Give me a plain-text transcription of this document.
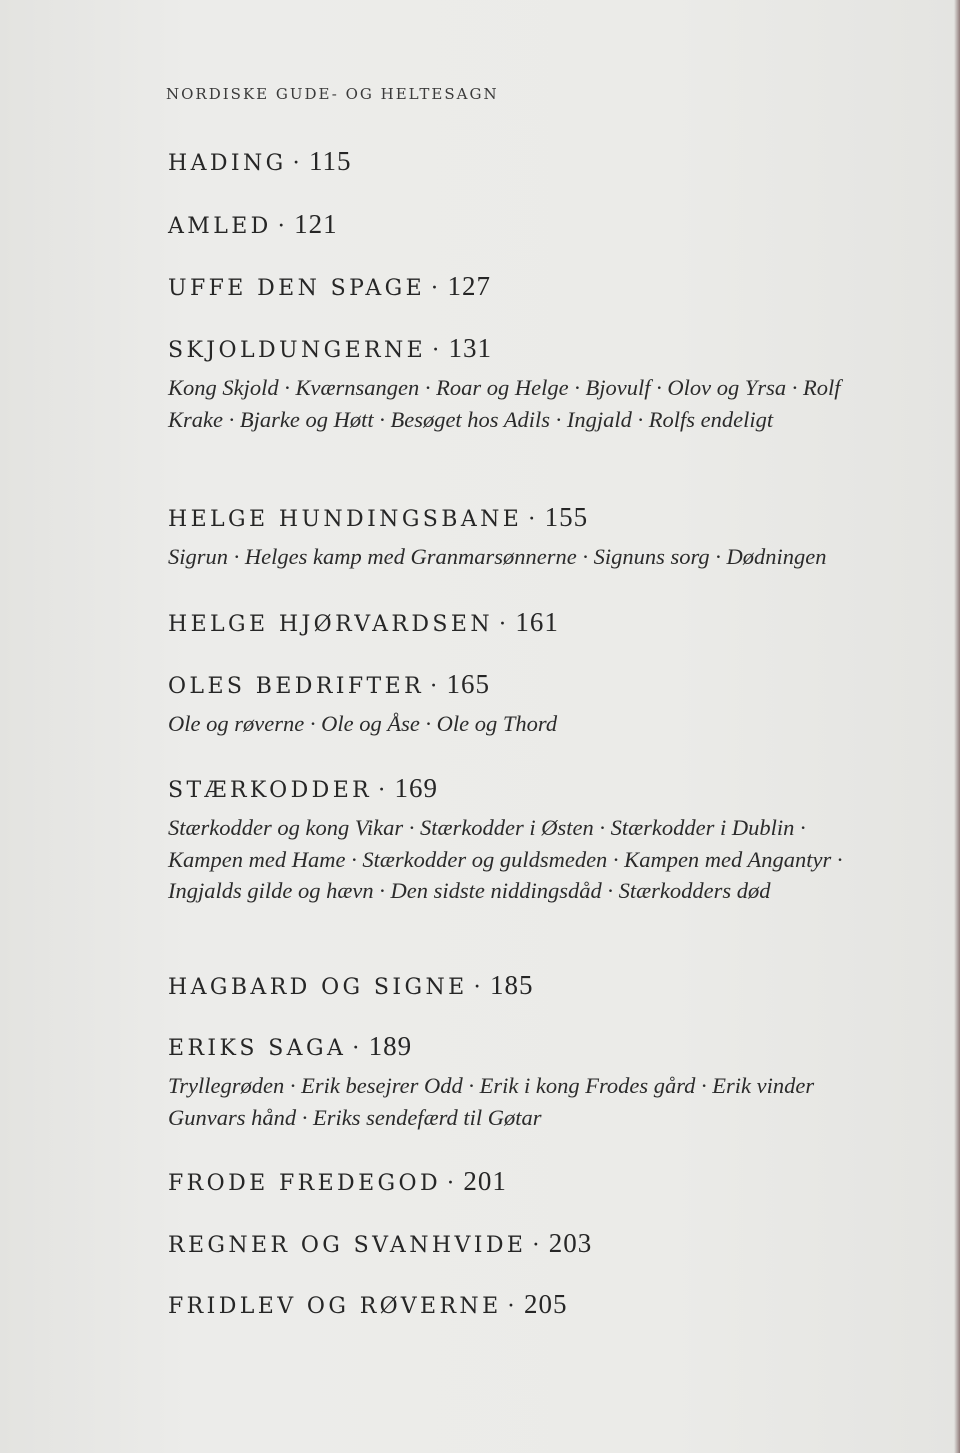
NORDISKE GUDE- OG HELTESAGN
HADING · 115
AMLED · 121
UFFE DEN SPAGE · 127
SKJOLDUNGERNE · 131
Kong Skjold · Kværnsangen · Roar og Helge · Bjovulf · Olov og Yrsa · Rolf Krake · Bjarke og Høtt · Besøget hos Adils · Ingjald · Rolfs endeligt
HELGE HUNDINGSBANE · 155
Sigrun · Helges kamp med Granmarsønnerne · Signuns sorg · Dødningen
HELGE HJØRVARDSEN · 161
OLES BEDRIFTER · 165
Ole og røverne · Ole og Åse · Ole og Thord
STÆRKODDER · 169
Stærkodder og kong Vikar · Stærkodder i Østen · Stærkodder i Dublin · Kampen med Hame · Stærkodder og guldsmeden · Kampen med Angantyr · Ingjalds gilde og hævn · Den sidste niddingsdåd · Stærkodders død
HAGBARD OG SIGNE · 185
ERIKS SAGA · 189
Tryllegrøden · Erik besejrer Odd · Erik i kong Frodes gård · Erik vinder Gunvars hånd · Eriks sendefærd til Gøtar
FRODE FREDEGOD · 201
REGNER OG SVANHVIDE · 203
FRIDLEV OG RØVERNE · 205
